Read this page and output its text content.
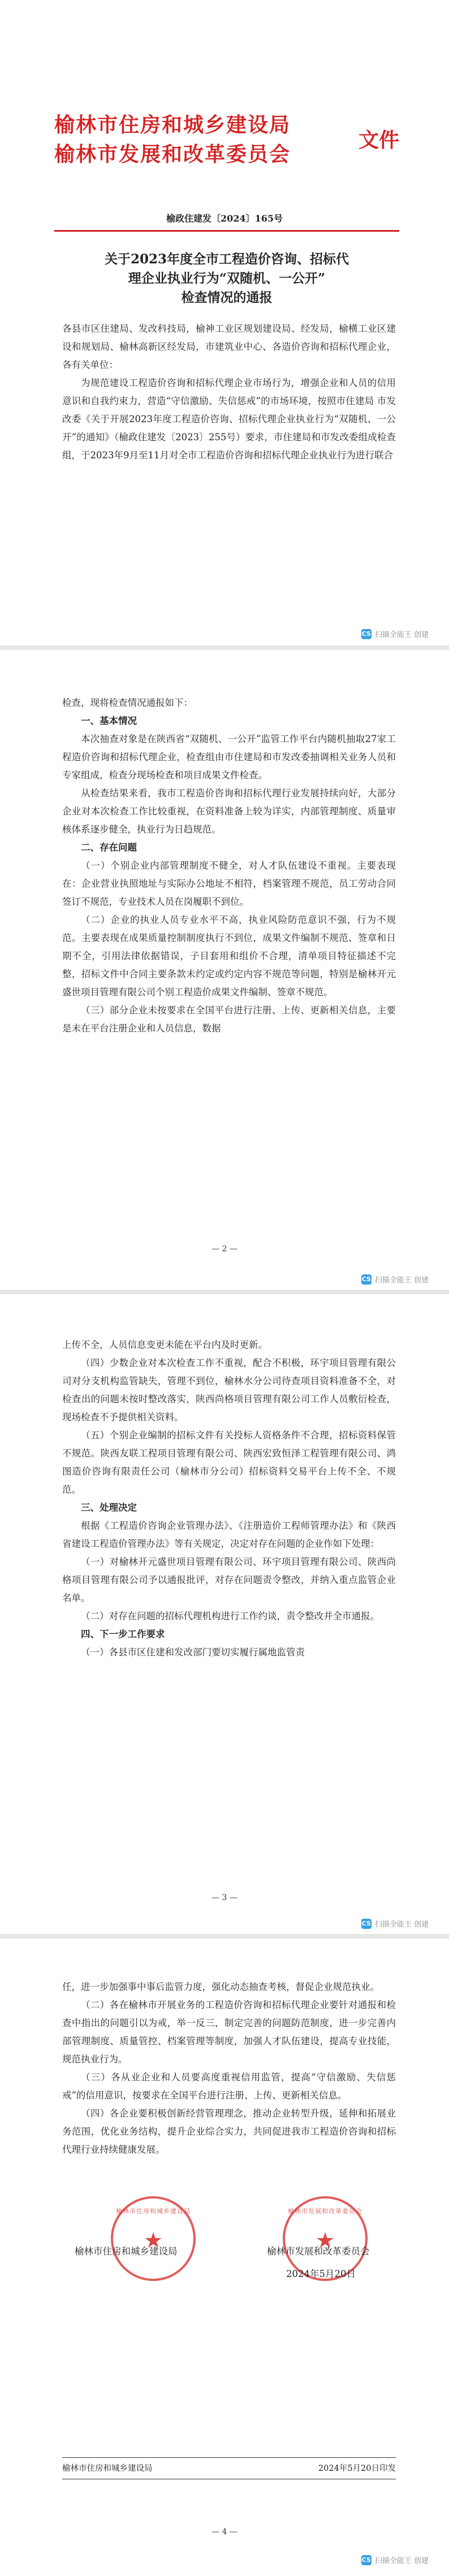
榆林市住房和城乡建设局
榆林市发展和改革委员会
文件
榆政住建发〔2024〕165号
关于2023年度全市工程造价咨询、招标代
理企业执业行为“双随机、一公开”
检查情况的通报

各县市区住建局、发改科技局，榆神工业区规划建设局、经发局，榆横工业区建设和规划局、榆林高新区经发局，市建筑业中心、各造价咨询和招标代理企业，各有关单位：

为规范建设工程造价咨询和招标代理企业市场行为，增强企业和人员的信用意识和自我约束力，营造“守信激励、失信惩戒”的市场环境，按照市住建局 市发改委《关于开展2023年度工程造价咨询、招标代理企业执业行为“双随机、一公开”的通知》（榆政住建发〔2023〕255号）要求，市住建局和市发改委组成检查组，于2023年9月至11月对全市工程造价咨询和招标代理企业执业行为进行联合

CS 扫描全能王 创建

检查，现将检查情况通报如下：

一、基本情况

本次抽查对象是在陕西省“双随机、一公开”监管工作平台内随机抽取27家工程造价咨询和招标代理企业，检查组由市住建局和市发改委抽调相关业务人员和专家组成，检查分现场检查和项目成果文件检查。

从检查结果来看，我市工程造价咨询和招标代理行业发展持续向好，大部分企业对本次检查工作比较重视，在资料准备上较为详实，内部管理制度、质量审核体系逐步健全，执业行为日趋规范。

二、存在问题

（一）个别企业内部管理制度不健全，对人才队伍建设不重视。主要表现在：企业营业执照地址与实际办公地址不相符，档案管理不规范，员工劳动合同签订不规范，专业技术人员在岗履职不到位。

（二）企业的执业人员专业水平不高，执业风险防范意识不强，行为不规范。主要表现在成果质量控制制度执行不到位，成果文件编制不规范、签章和日期不全，引用法律依据错误，子目套用和组价不合理，清单项目特征描述不完整，招标文件中合同主要条款未约定或约定内容不规范等问题，特别是榆林开元盛世项目管理有限公司个别工程造价成果文件编制、签章不规范。

（三）部分企业未按要求在全国平台进行注册、上传、更新相关信息，主要是未在平台注册企业和人员信息，数据

— 2 —
CS 扫描全能王 创建

上传不全，人员信息变更未能在平台内及时更新。

（四）少数企业对本次检查工作不重视，配合不积极，环宇项目管理有限公司对分支机构监管缺失，管理不到位，榆林水分公司待查项目资料准备不全，对检查出的问题未按时整改落实，陕西尚格项目管理有限公司工作人员敷衍检查，现场检查不予提供相关资料。

（五）个别企业编制的招标文件有关投标人资格条件不合理，招标资料保管不规范。陕西友联工程项目管理有限公司、陕西宏致恒泽工程管理有限公司、鸿图造价咨询有限责任公司（榆林市分公司）招标资料交易平台上传不全、不规范。

三、处理决定

根据《工程造价咨询企业管理办法》、《注册造价工程师管理办法》和《陕西省建设工程造价管理办法》等有关规定，决定对存在问题的企业作如下处理：

（一）对榆林开元盛世项目管理有限公司、环宇项目管理有限公司、陕西尚格项目管理有限公司予以通报批评，对存在问题责令整改，并纳入重点监管企业名单。

（二）对存在问题的招标代理机构进行工作约谈，责令整改并全市通报。

四、下一步工作要求

（一）各县市区住建和发改部门要切实履行属地监管责

— 3 —
CS 扫描全能王 创建

任，进一步加强事中事后监管力度，强化动态抽查考核，督促企业规范执业。

（二）各在榆林市开展业务的工程造价咨询和招标代理企业要针对通报和检查中指出的问题引以为戒，举一反三，制定完善的问题防范制度，进一步完善内部管理制度、质量管控、档案管理等制度，加强人才队伍建设，提高专业技能，规范执业行为。

（三）各从业企业和人员要高度重视信用监管，提高“守信激励、失信惩戒”的信用意识，按要求在全国平台进行注册、上传、更新相关信息。

（四）各企业要积极创新经营管理理念，推动企业转型升级，延伸和拓展业务范围，优化业务结构，提升企业综合实力，共同促进我市工程造价咨询和招标代理行业持续健康发展。

榆林市住房和城乡建设局
★
榆林市发展和改革委员会
★
榆林市住房和城乡建设局	榆林市发展和改革委员会
2024年5月20日
榆林市住房和城乡建设局	2024年5月20日印发
— 4 —
CS 扫描全能王 创建
